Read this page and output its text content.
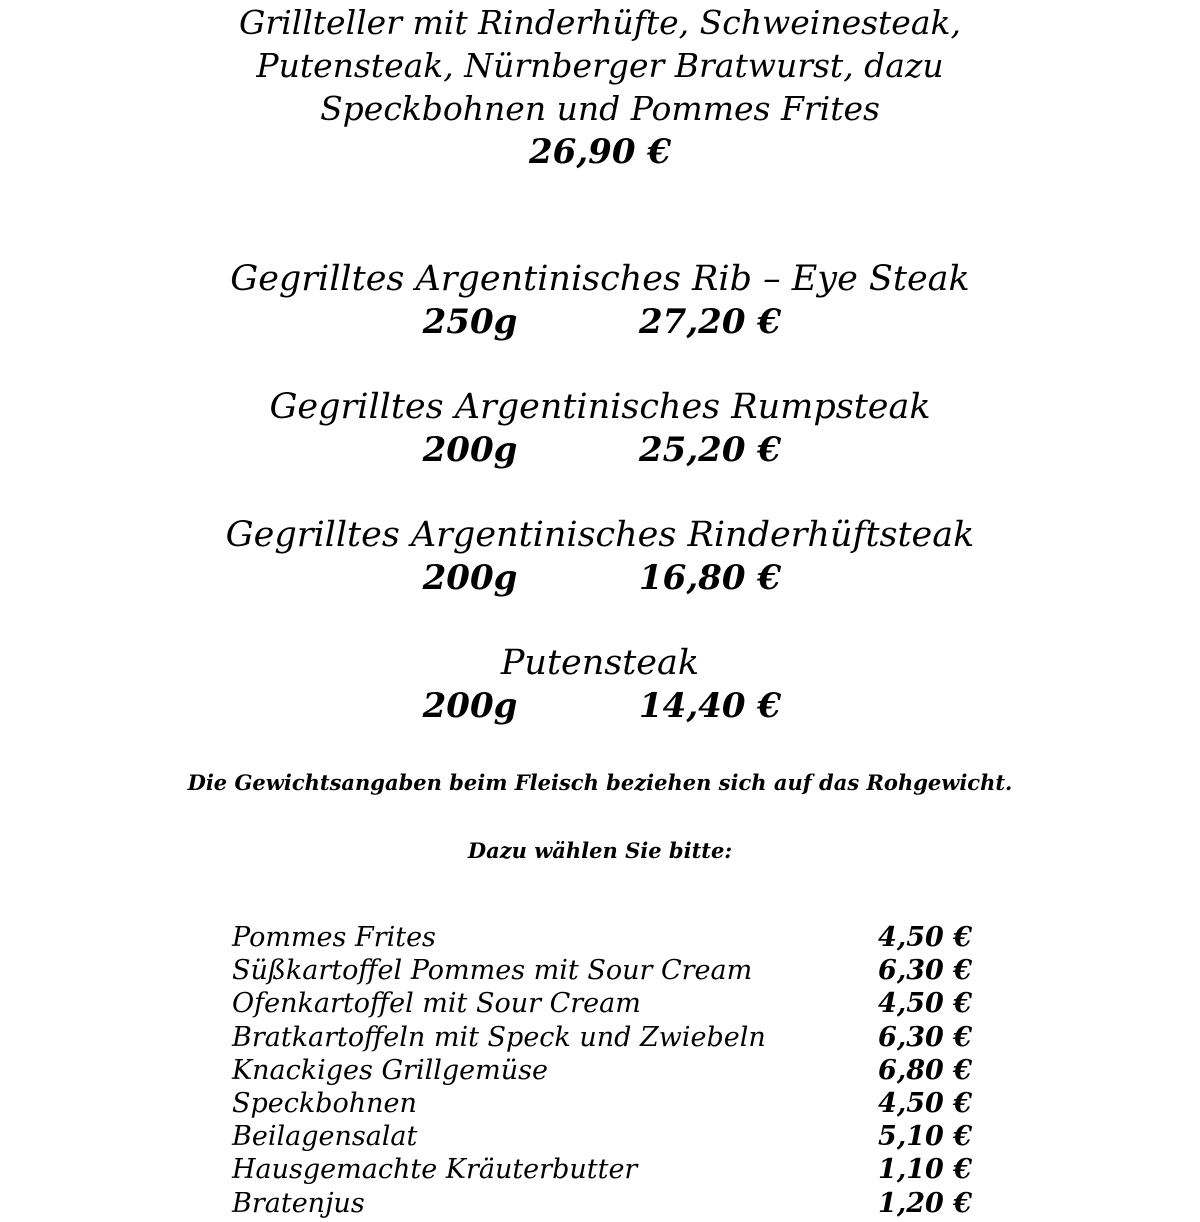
Grillteller mit Rinderhüfte, Schweinesteak,
Putensteak, Nürnberger Bratwurst, dazu
Speckbohnen und Pommes Frites
26,90 €
Gegrilltes Argentinisches Rib – Eye Steak
250g	27,20 €
Gegrilltes Argentinisches Rumpsteak
200g	25,20 €
Gegrilltes Argentinisches Rinderhüftsteak
200g	16,80 €
Putensteak
200g	14,40 €
Die Gewichtsangaben beim Fleisch beziehen sich auf das Rohgewicht.
Dazu wählen Sie bitte:
Pommes Frites	4,50 €
Süßkartoffel Pommes mit Sour Cream	6,30 €
Ofenkartoffel mit Sour Cream	4,50 €
Bratkartoffeln mit Speck und Zwiebeln	6,30 €
Knackiges Grillgemüse	6,80 €
Speckbohnen	4,50 €
Beilagensalat	5,10 €
Hausgemachte Kräuterbutter	1,10 €
Bratenjus	1,20 €
